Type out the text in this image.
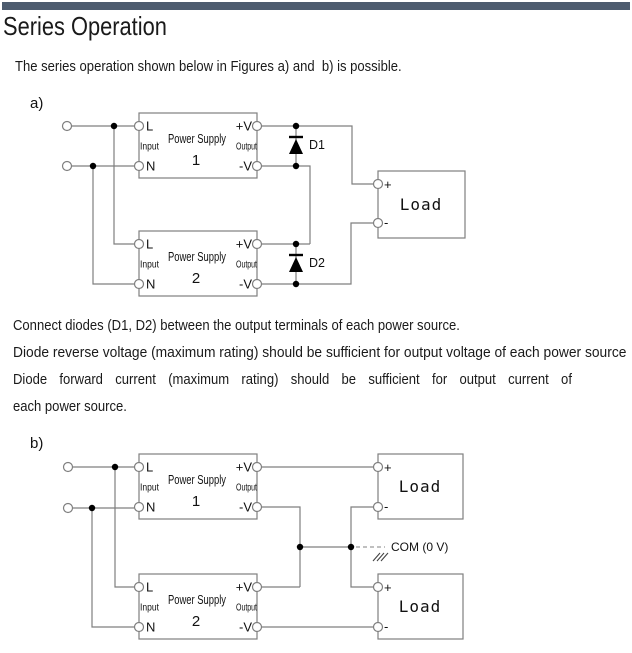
Series Operation
The series operation shown below in Figures a) and  b) is possible.
a)
L
Input
N
Power Supply
1
+V
Output
-V
L
Input
N
Power Supply
2
+V
Output
-V
D1
D2
+
-
Load
Connect diodes (D1, D2) between the output terminals of each power source.
Diode reverse voltage (maximum rating) should be sufficient for output voltage of each power source
Diode forward current (maximum rating) should be sufficient for output current of
each power source.
b)
L
Input
N
Power Supply
1
+V
Output
-V
L
Input
N
Power Supply
2
+V
Output
-V
+
-
Load
+
-
Load
COM (0 V)
